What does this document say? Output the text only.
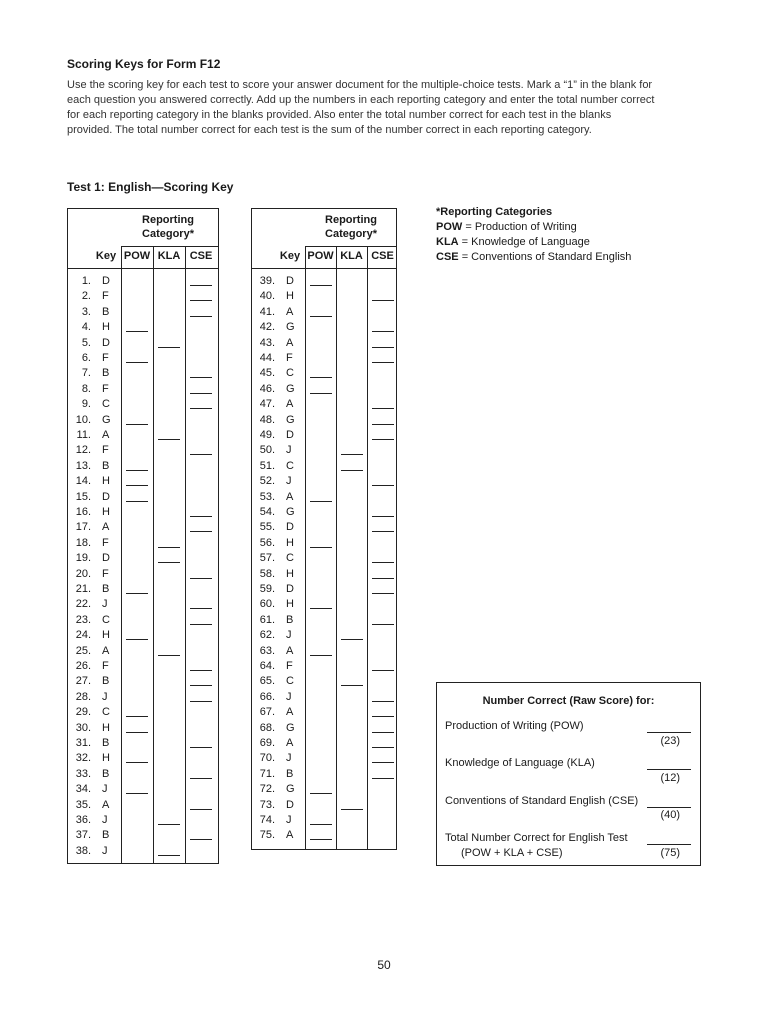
Scoring Keys for Form F12
Use the scoring key for each test to score your answer document for the multiple-choice tests. Mark a “1” in the blank for each question you answered correctly. Add up the numbers in each reporting category and enter the total number correct for each reporting category in the blanks provided. Also enter the total number correct for each test in the blanks provided. The total number correct for each test is the sum of the number correct in each reporting category.
Test 1: English—Scoring Key
Reporting Category*
Key POW KLA CSE
1. D
2. F
3. B
4. H
5. D
6. F
7. B
8. F
9. C
10. G
11. A
12. F
13. B
14. H
15. D
16. H
17. A
18. F
19. D
20. F
21. B
22. J
23. C
24. H
25. A
26. F
27. B
28. J
29. C
30. H
31. B
32. H
33. B
34. J
35. A
36. J
37. B
38. J
Reporting Category*
Key POW KLA CSE
39. D
40. H
41. A
42. G
43. A
44. F
45. C
46. G
47. A
48. G
49. D
50. J
51. C
52. J
53. A
54. G
55. D
56. H
57. C
58. H
59. D
60. H
61. B
62. J
63. A
64. F
65. C
66. J
67. A
68. G
69. A
70. J
71. B
72. G
73. D
74. J
75. A
*Reporting Categories
POW = Production of Writing
KLA = Knowledge of Language
CSE = Conventions of Standard English
Number Correct (Raw Score) for:
Production of Writing (POW)
(23)
Knowledge of Language (KLA)
(12)
Conventions of Standard English (CSE)
(40)
Total Number Correct for English Test
(POW + KLA + CSE)	(75)
50
